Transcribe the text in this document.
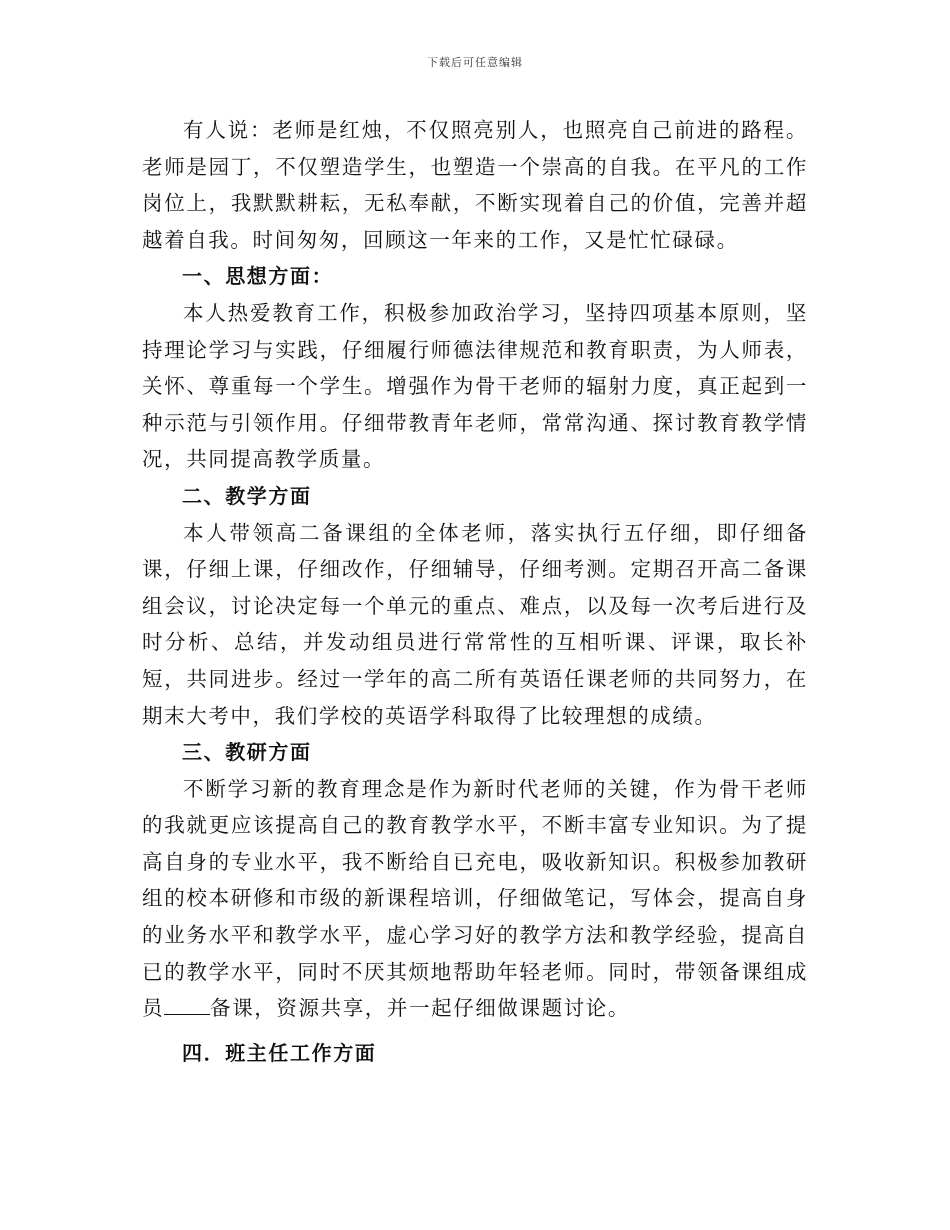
下载后可任意编辑

有人说：老师是红烛，不仅照亮别人，也照亮自己前进的路程。老师是园丁，不仅塑造学生，也塑造一个崇高的自我。在平凡的工作岗位上，我默默耕耘，无私奉献，不断实现着自己的价值，完善并超越着自我。时间匆匆，回顾这一年来的工作，又是忙忙碌碌。

一、思想方面：

本人热爱教育工作，积极参加政治学习，坚持四项基本原则，坚持理论学习与实践，仔细履行师德法律规范和教育职责，为人师表，关怀、尊重每一个学生。增强作为骨干老师的辐射力度，真正起到一种示范与引领作用。仔细带教青年老师，常常沟通、探讨教育教学情况，共同提高教学质量。

二、教学方面

本人带领高二备课组的全体老师，落实执行五仔细，即仔细备课，仔细上课，仔细改作，仔细辅导，仔细考测。定期召开高二备课组会议，讨论决定每一个单元的重点、难点，以及每一次考后进行及时分析、总结，并发动组员进行常常性的互相听课、评课，取长补短，共同进步。经过一学年的高二所有英语任课老师的共同努力，在期末大考中，我们学校的英语学科取得了比较理想的成绩。

三、教研方面

不断学习新的教育理念是作为新时代老师的关键，作为骨干老师的我就更应该提高自己的教育教学水平，不断丰富专业知识。为了提高自身的专业水平，我不断给自已充电，吸收新知识。积极参加教研组的校本研修和市级的新课程培训，仔细做笔记，写体会，提高自身的业务水平和教学水平，虚心学习好的教学方法和教学经验，提高自已的教学水平，同时不厌其烦地帮助年轻老师。同时，带领备课组成员 备课，资源共享，并一起仔细做课题讨论。

四．班主任工作方面
